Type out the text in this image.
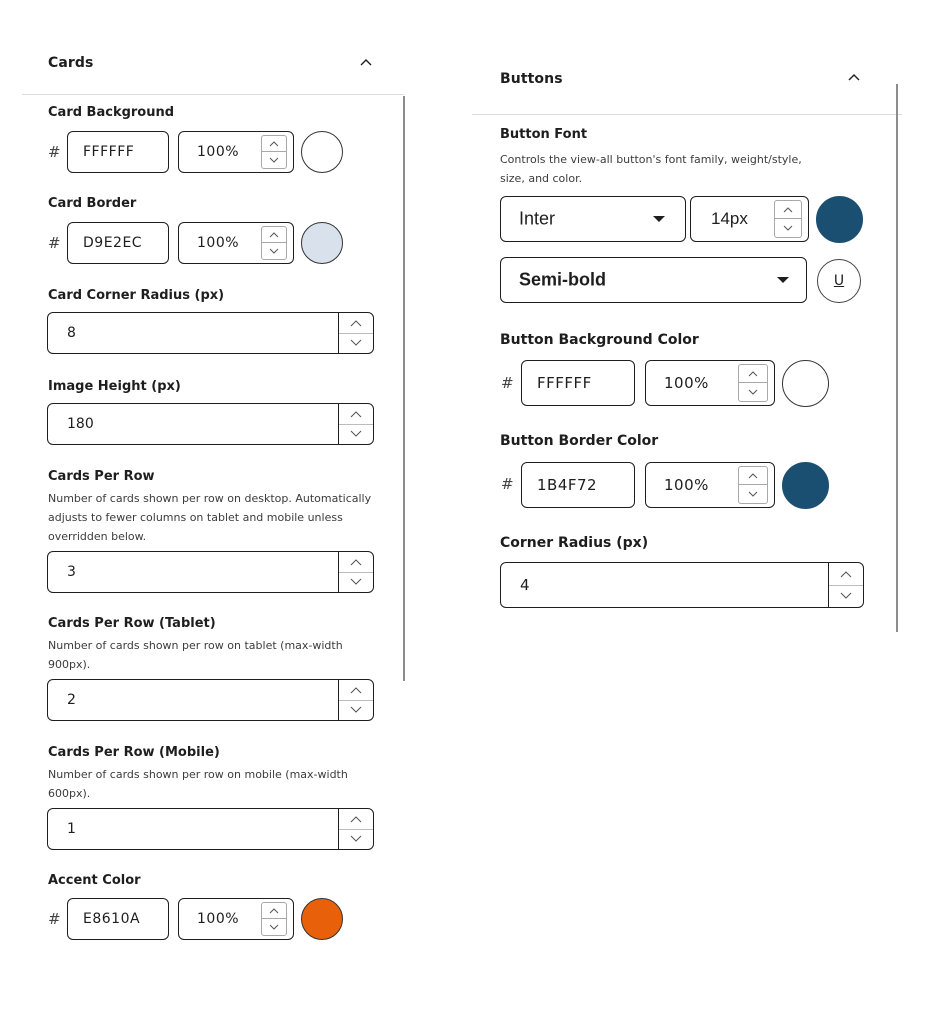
Cards
Card Background
# FFFFFF	100%
Card Border
# D9E2EC	100%
Card Corner Radius (px)
8
Image Height (px)
180
Cards Per Row
Number of cards shown per row on desktop. Automatically adjusts to fewer columns on tablet and mobile unless overridden below.
3
Cards Per Row (Tablet)
Number of cards shown per row on tablet (max-width 900px).
2
Cards Per Row (Mobile)
Number of cards shown per row on mobile (max-width 600px).
1
Accent Color
# E8610A	100%
Buttons
Button Font
Controls the view-all button's font family, weight/style, size, and color.
Inter	14px
Semi-bold	U
Button Background Color
# FFFFFF	100%
Button Border Color
# 1B4F72	100%
Corner Radius (px)
4
